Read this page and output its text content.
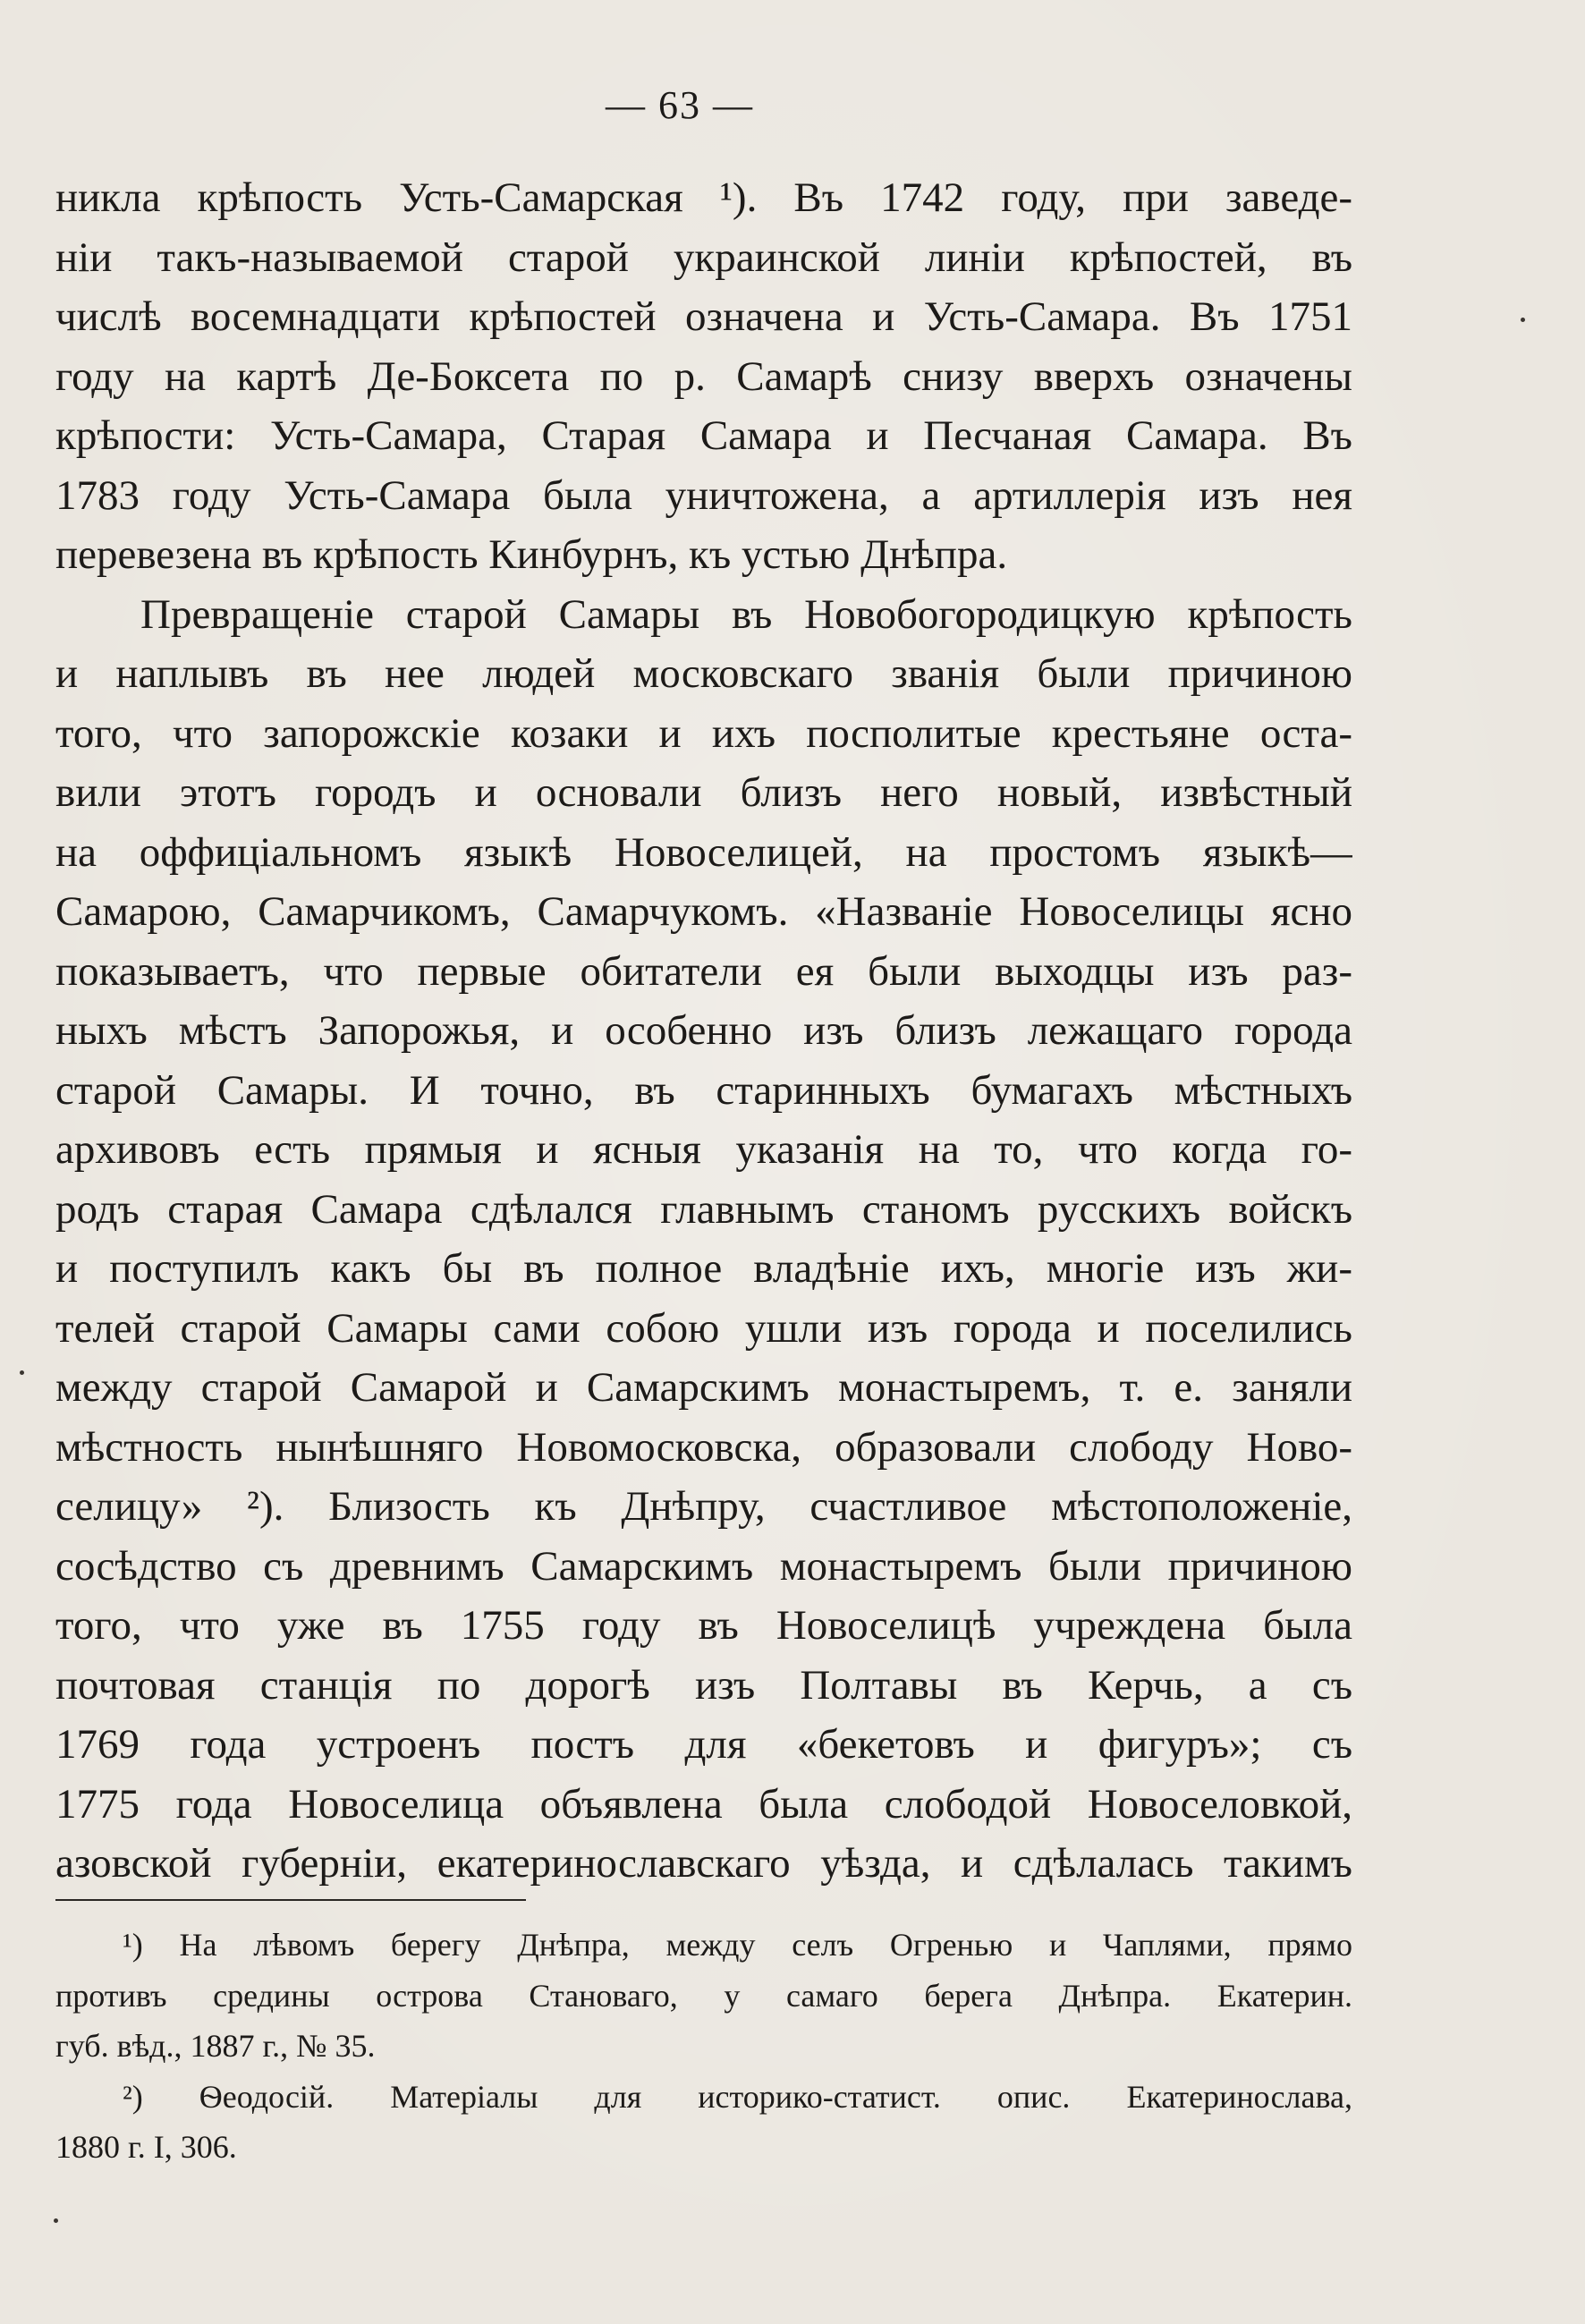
— 63 —
никла крѣпость Усть-Самарская ¹). Въ 1742 году, при заведе-
нiи такъ-называемой старой украинской линiи крѣпостей, въ
числѣ восемнадцати крѣпостей означена и Усть-Самара. Въ 1751
году на картѣ Де-Боксета по р. Самарѣ снизу вверхъ означены
крѣпости: Усть-Самара, Старая Самара и Песчаная Самара. Въ
1783 году Усть-Самара была уничтожена, а артиллерiя изъ нея
перевезена въ крѣпость Кинбурнъ, къ устью Днѣпра.
Превращенiе старой Самары въ Новобогородицкую крѣпость
и наплывъ въ нее людей московскаго званiя были причиною
того, что запорожскiе козаки и ихъ посполитые крестьяне оста-
вили этотъ городъ и основали близъ него новый, извѣстный
на оффицiальномъ языкѣ Новоселицей, на простомъ языкѣ—
Самарою, Самарчикомъ, Самарчукомъ. «Названiе Новоселицы ясно
показываетъ, что первые обитатели ея были выходцы изъ раз-
ныхъ мѣстъ Запорожья, и особенно изъ близъ лежащаго города
старой Самары. И точно, въ старинныхъ бумагахъ мѣстныхъ
архивовъ есть прямыя и ясныя указанiя на то, что когда го-
родъ старая Самара сдѣлался главнымъ станомъ русскихъ войскъ
и поступилъ какъ бы въ полное владѣнiе ихъ, многiе изъ жи-
телей старой Самары сами собою ушли изъ города и поселились
между старой Самарой и Самарскимъ монастыремъ, т. е. заняли
мѣстность нынѣшняго Новомосковска, образовали слободу Ново-
селицу» ²). Близость къ Днѣпру, счастливое мѣстоположенiе,
сосѣдство съ древнимъ Самарскимъ монастыремъ были причиною
того, что уже въ 1755 году въ Новоселицѣ учреждена была
почтовая станцiя по дорогѣ изъ Полтавы въ Керчь, а съ
1769 года устроенъ постъ для «бекетовъ и фигуръ»; съ
1775 года Новоселица объявлена была слободой Новоселовкой,
азовской губернiи, екатеринославскаго уѣзда, и сдѣлалась такимъ
¹) На лѣвомъ берегу Днѣпра, между селъ Огренью и Чаплями, прямо
противъ средины острова Становаго, у самаго берега Днѣпра. Екатерин.
губ. вѣд., 1887 г., № 35.
²) Ѳеодосiй. Матерiалы для историко-статист. опис. Екатеринослава,
1880 г. I, 306.
